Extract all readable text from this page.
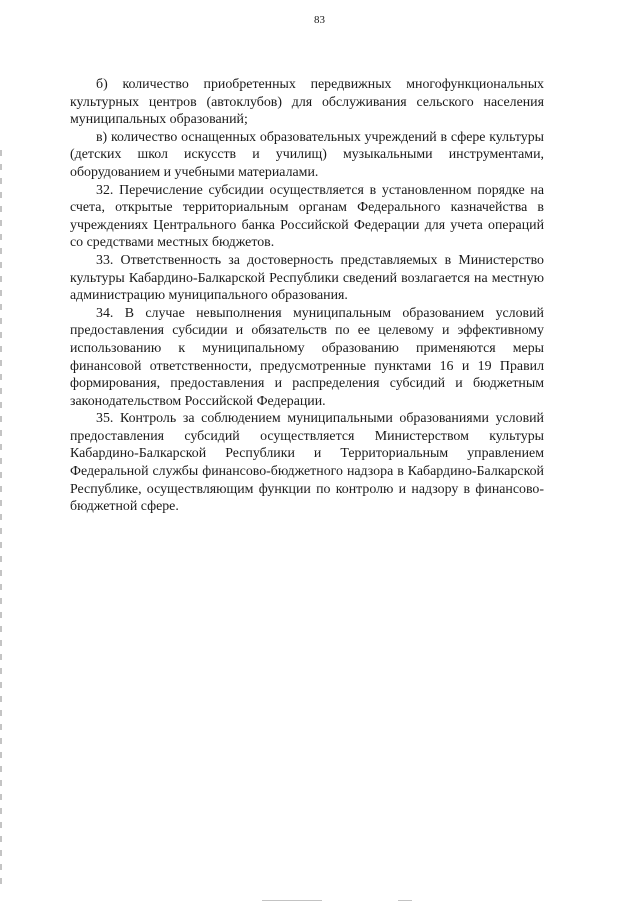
83

б) количество приобретенных передвижных многофункциональных культурных центров (автоклубов) для обслуживания сельского населения муниципальных образований;

в) количество оснащенных образовательных учреждений в сфере культуры (детских школ искусств и училищ) музыкальными инструментами, оборудованием и учебными материалами.

32. Перечисление субсидии осуществляется в установленном порядке на счета, открытые территориальным органам Федерального казначейства в учреждениях Центрального банка Российской Федерации для учета операций со средствами местных бюджетов.

33. Ответственность за достоверность представляемых в Министерство культуры Кабардино-Балкарской Республики сведений возлагается на местную администрацию муниципального образования.

34. В случае невыполнения муниципальным образованием условий предоставления субсидии и обязательств по ее целевому и эффективному использованию к муниципальному образованию применяются меры финансовой ответственности, предусмотренные пунктами 16 и 19 Правил формирования, предоставления и распределения субсидий и бюджетным законодательством Российской Федерации.

35. Контроль за соблюдением муниципальными образованиями условий предоставления субсидий осуществляется Министерством культуры Кабардино-Балкарской Республики и Территориальным управлением Федеральной службы финансово-бюджетного надзора в Кабардино-Балкарской Республике, осуществляющим функции по контролю и надзору в финансово-бюджетной сфере.
